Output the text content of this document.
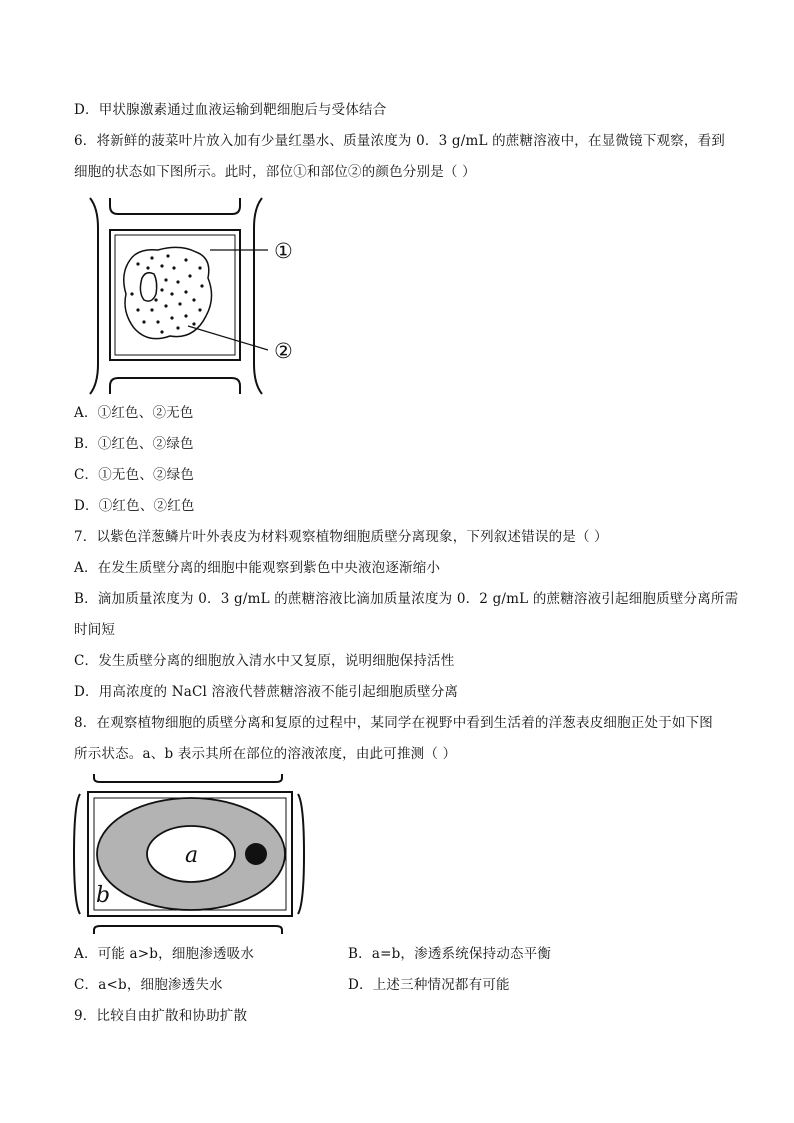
D．甲状腺激素通过血液运输到靶细胞后与受体结合
6．将新鲜的菠菜叶片放入加有少量红墨水、质量浓度为 0．3 g/mL 的蔗糖溶液中，在显微镜下观察，看到
细胞的状态如下图所示。此时，部位①和部位②的颜色分别是（ ）
①
②
A．①红色、②无色
B．①红色、②绿色
C．①无色、②绿色
D．①红色、②红色
7．以紫色洋葱鳞片叶外表皮为材料观察植物细胞质壁分离现象，下列叙述错误的是（ ）
A．在发生质壁分离的细胞中能观察到紫色中央液泡逐渐缩小
B．滴加质量浓度为 0．3 g/mL 的蔗糖溶液比滴加质量浓度为 0．2 g/mL 的蔗糖溶液引起细胞质壁分离所需
时间短
C．发生质壁分离的细胞放入清水中又复原，说明细胞保持活性
D．用高浓度的 NaCl 溶液代替蔗糖溶液不能引起细胞质壁分离
8．在观察植物细胞的质壁分离和复原的过程中，某同学在视野中看到生活着的洋葱表皮细胞正处于如下图
所示状态。a、b 表示其所在部位的溶液浓度，由此可推测（ ）
a
b
A．可能 a>b，细胞渗透吸水	B．a=b，渗透系统保持动态平衡
C．a<b，细胞渗透失水	D．上述三种情况都有可能
9．比较自由扩散和协助扩散
